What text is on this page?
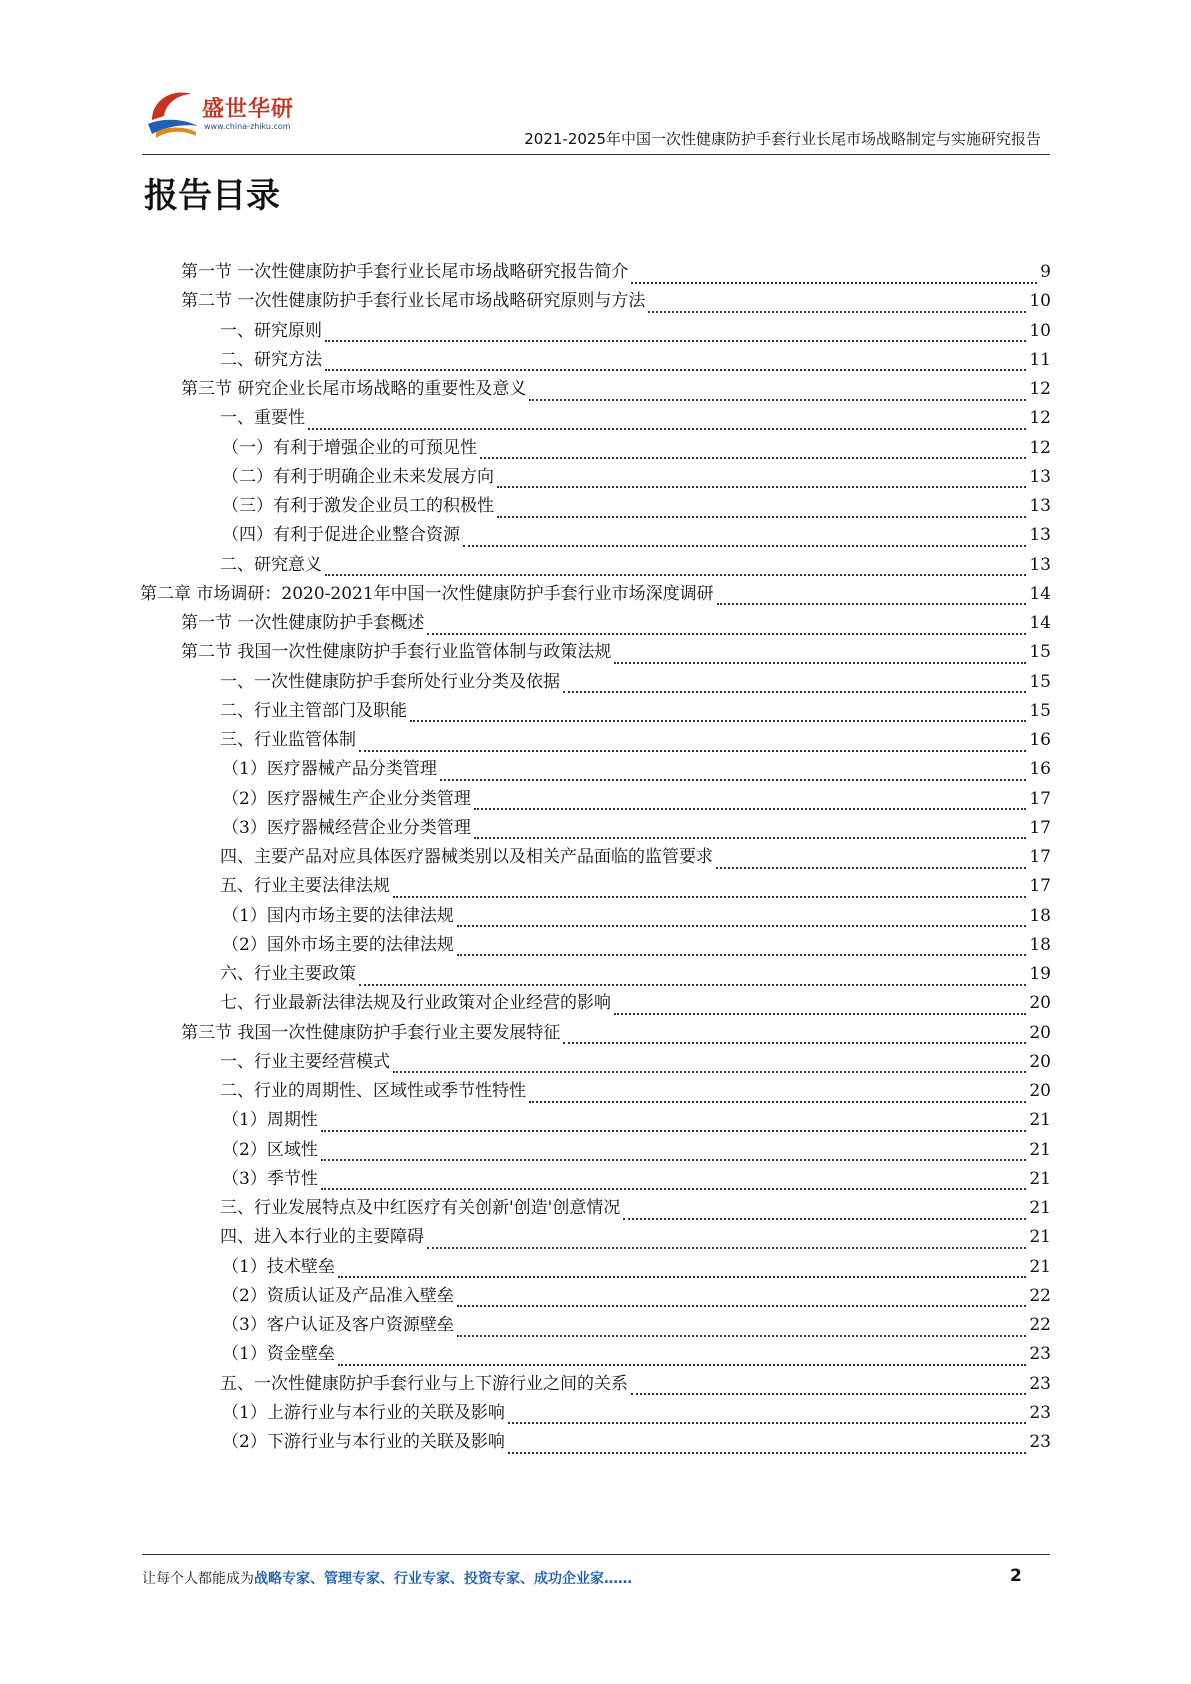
盛世华研
www.china-zhiku.com
2021-2025年中国一次性健康防护手套行业长尾市场战略制定与实施研究报告
报告目录
第一节 一次性健康防护手套行业长尾市场战略研究报告简介	9
第二节 一次性健康防护手套行业长尾市场战略研究原则与方法	10
一、研究原则	10
二、研究方法	11
第三节 研究企业长尾市场战略的重要性及意义	12
一、重要性	12
（一）有利于增强企业的可预见性	12
（二）有利于明确企业未来发展方向	13
（三）有利于激发企业员工的积极性	13
（四）有利于促进企业整合资源	13
二、研究意义	13
第二章 市场调研：2020-2021年中国一次性健康防护手套行业市场深度调研	14
第一节 一次性健康防护手套概述	14
第二节 我国一次性健康防护手套行业监管体制与政策法规	15
一、一次性健康防护手套所处行业分类及依据	15
二、行业主管部门及职能	15
三、行业监管体制	16
（1）医疗器械产品分类管理	16
（2）医疗器械生产企业分类管理	17
（3）医疗器械经营企业分类管理	17
四、主要产品对应具体医疗器械类别以及相关产品面临的监管要求	17
五、行业主要法律法规	17
（1）国内市场主要的法律法规	18
（2）国外市场主要的法律法规	18
六、行业主要政策	19
七、行业最新法律法规及行业政策对企业经营的影响	20
第三节 我国一次性健康防护手套行业主要发展特征	20
一、行业主要经营模式	20
二、行业的周期性、区域性或季节性特性	20
（1）周期性	21
（2）区域性	21
（3）季节性	21
三、行业发展特点及中红医疗有关创新'创造'创意情况	21
四、进入本行业的主要障碍	21
（1）技术壁垒	21
（2）资质认证及产品准入壁垒	22
（3）客户认证及客户资源壁垒	22
（1）资金壁垒	23
五、一次性健康防护手套行业与上下游行业之间的关系	23
（1）上游行业与本行业的关联及影响	23
（2）下游行业与本行业的关联及影响	23
让每个人都能成为战略专家、管理专家、行业专家、投资专家、成功企业家……	2
